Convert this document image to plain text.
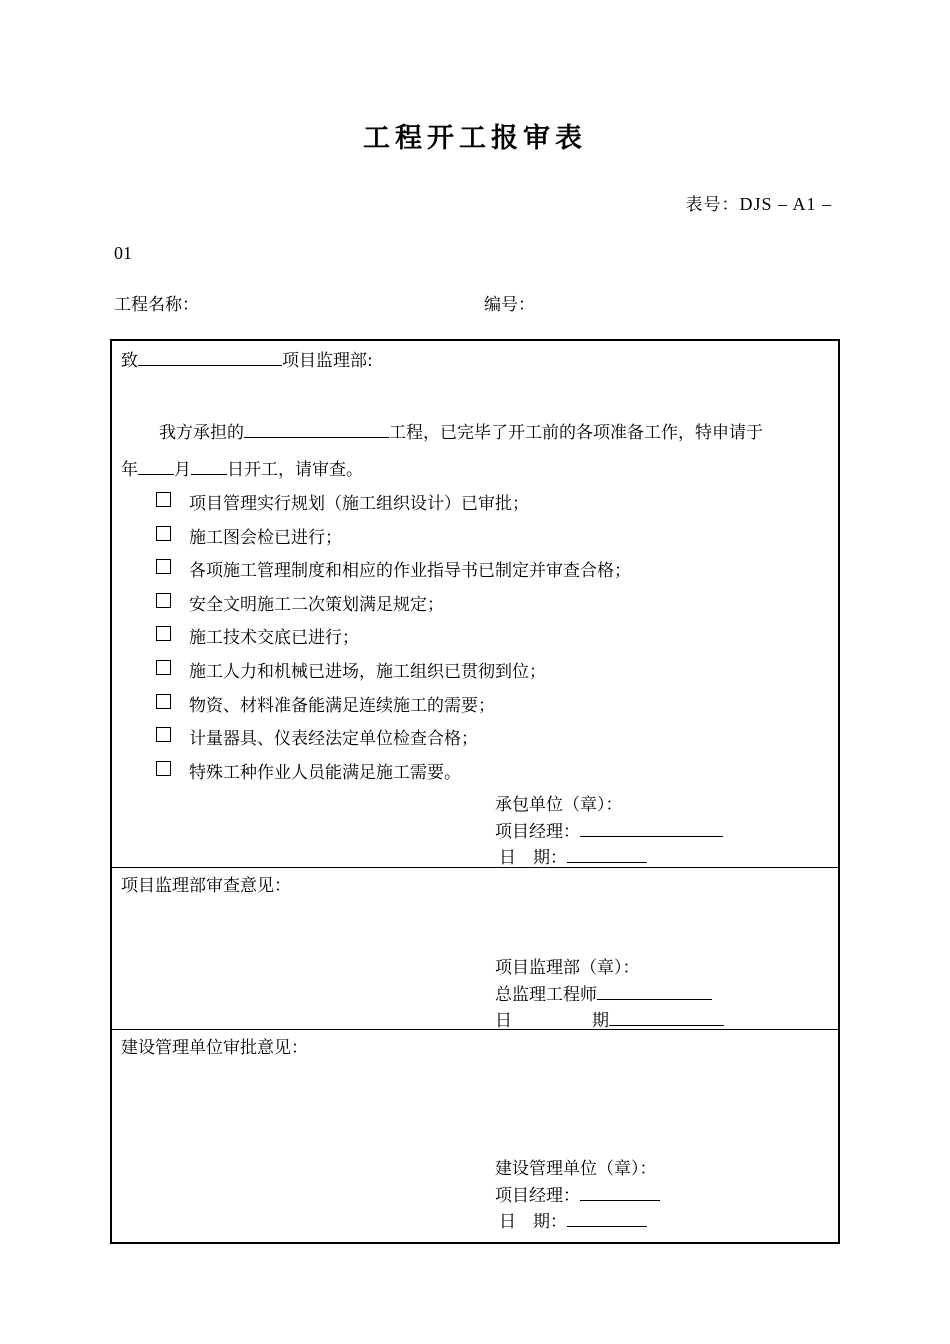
工程开工报审表
表号：DJS – A1 –
01
工程名称：	编号：
致	项目监理部:
我方承担的	工程，已完毕了开工前的各项准备工作，特申请于
年 月 日开工，请审查。
项目管理实行规划（施工组织设计）已审批；
施工图会检已进行；
各项施工管理制度和相应的作业指导书已制定并审查合格；
安全文明施工二次策划满足规定；
施工技术交底已进行；
施工人力和机械已进场，施工组织已贯彻到位；
物资、材料准备能满足连续施工的需要；
计量器具、仪表经法定单位检查合格；
特殊工种作业人员能满足施工需要。
承包单位（章）：
项目经理：
日　期：
项目监理部审查意见：
项目监理部（章）：
总监理工程师
日	期
建设管理单位审批意见：
建设管理单位（章）：
项目经理：
日　期：
